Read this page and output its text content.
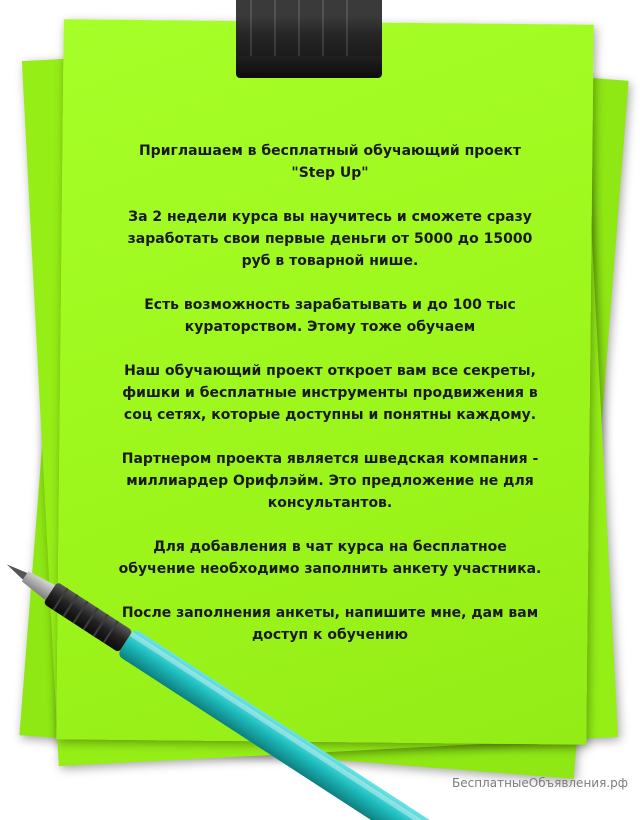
Приглашаем в бесплатный обучающий проект
"Step Up"

За 2 недели курса вы научитесь и сможете сразу
заработать свои первые деньги от 5000 до 15000
руб в товарной нише.

Есть возможность зарабатывать и до 100 тыс
кураторством. Этому тоже обучаем

Наш обучающий проект откроет вам все секреты,
фишки и бесплатные инструменты продвижения в
соц сетях, которые доступны и понятны каждому.

Партнером проекта является шведская компания -
миллиардер Орифлэйм. Это предложение не для
консультантов.

Для добавления в чат курса на бесплатное
обучение необходимо заполнить анкету участника.

После заполнения анкеты, напишите мне, дам вам
доступ к обучению

БесплатныеОбъявления.рф
